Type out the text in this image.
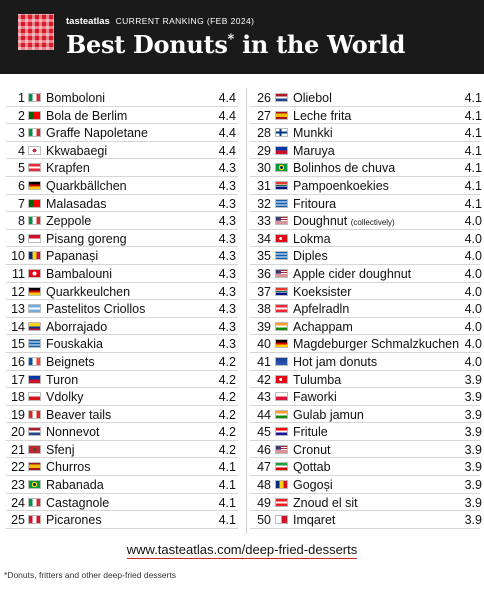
tasteatlas CURRENT RANKING (FEB 2024)
Best Donuts* in the World
1 Bomboloni	4.4
2 Bola de Berlim	4.4
3 Graffe Napoletane	4.4
4 Kkwabaegi	4.4
5 Krapfen	4.3
6 Quarkbällchen	4.3
7 Malasadas	4.3
8 Zeppole	4.3
9 Pisang goreng	4.3
10 Papanași	4.3
11 Bambalouni	4.3
12 Quarkkeulchen	4.3
13 Pastelitos Criollos	4.3
14 Aborrajado	4.3
15 Fouskakia	4.3
16 Beignets	4.2
17 Turon	4.2
18 Vdolky	4.2
19 Beaver tails	4.2
20 Nonnevot	4.2
21 Sfenj	4.2
22 Churros	4.1
23 Rabanada	4.1
24 Castagnole	4.1
25 Picarones	4.1
26 Oliebol	4.1
27 Leche frita	4.1
28 Munkki	4.1
29 Maruya	4.1
30 Bolinhos de chuva	4.1
31 Pampoenkoekies	4.1
32 Fritoura	4.1
33 Doughnut (collectively)	4.0
34 Lokma	4.0
35 Diples	4.0
36 Apple cider doughnut	4.0
37 Koeksister	4.0
38 Apfelradln	4.0
39 Achappam	4.0
40 Magdeburger Schmalzkuchen 4.0
41 Hot jam donuts	4.0
42 Tulumba	3.9
43 Faworki	3.9
44 Gulab jamun	3.9
45 Fritule	3.9
46 Cronut	3.9
47 Qottab	3.9
48 Gogoși	3.9
49 Znoud el sit	3.9
50 Imqaret	3.9
www.tasteatlas.com/deep-fried-desserts
*Donuts, fritters and other deep-fried desserts
